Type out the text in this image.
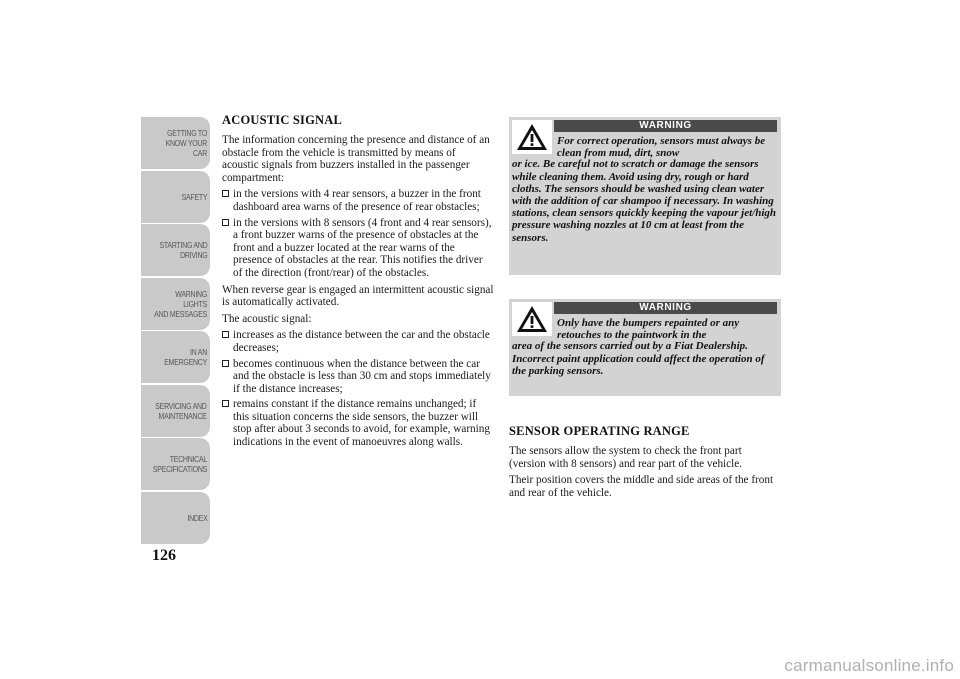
GETTING TO
KNOW YOUR CAR
SAFETY
STARTING AND
DRIVING
WARNING LIGHTS
AND MESSAGES
IN AN EMERGENCY
SERVICING AND
MAINTENANCE
TECHNICAL
SPECIFICATIONS
INDEX
126
ACOUSTIC SIGNAL

The information concerning the presence and distance of an obstacle from the vehicle is transmitted by means of acoustic signals from buzzers installed in the passenger compartment:

in the versions with 4 rear sensors, a buzzer in the front dashboard area warns of the presence of rear obstacles;
in the versions with 8 sensors (4 front and 4 rear sensors), a front buzzer warns of the presence of obstacles at the front and a buzzer located at the rear warns of the presence of obstacles at the rear. This notifies the driver of the direction (front/rear) of the obstacles.

When reverse gear is engaged an intermittent acoustic signal is automatically activated.

The acoustic signal:

increases as the distance between the car and the obstacle decreases;
becomes continuous when the distance between the car and the obstacle is less than 30 cm and stops immediately if the distance increases;
remains constant if the distance remains unchanged; if this situation concerns the side sensors, the buzzer will stop after about 3 seconds to avoid, for example, warning indications in the event of manoeuvres along walls.
WARNING
For correct operation, sensors must always be clean from mud, dirt, snow
or ice. Be careful not to scratch or damage the sensors while cleaning them. Avoid using dry, rough or hard cloths. The sensors should be washed using clean water with the addition of car shampoo if necessary. In washing stations, clean sensors quickly keeping the vapour jet/high pressure washing nozzles at 10 cm at least from the sensors.
WARNING
Only have the bumpers repainted or any retouches to the paintwork in the
area of the sensors carried out by a Fiat Dealership. Incorrect paint application could affect the operation of the parking sensors.
SENSOR OPERATING RANGE

The sensors allow the system to check the front part (version with 8 sensors) and rear part of the vehicle.

Their position covers the middle and side areas of the front and rear of the vehicle.

carmanualsonline.info
